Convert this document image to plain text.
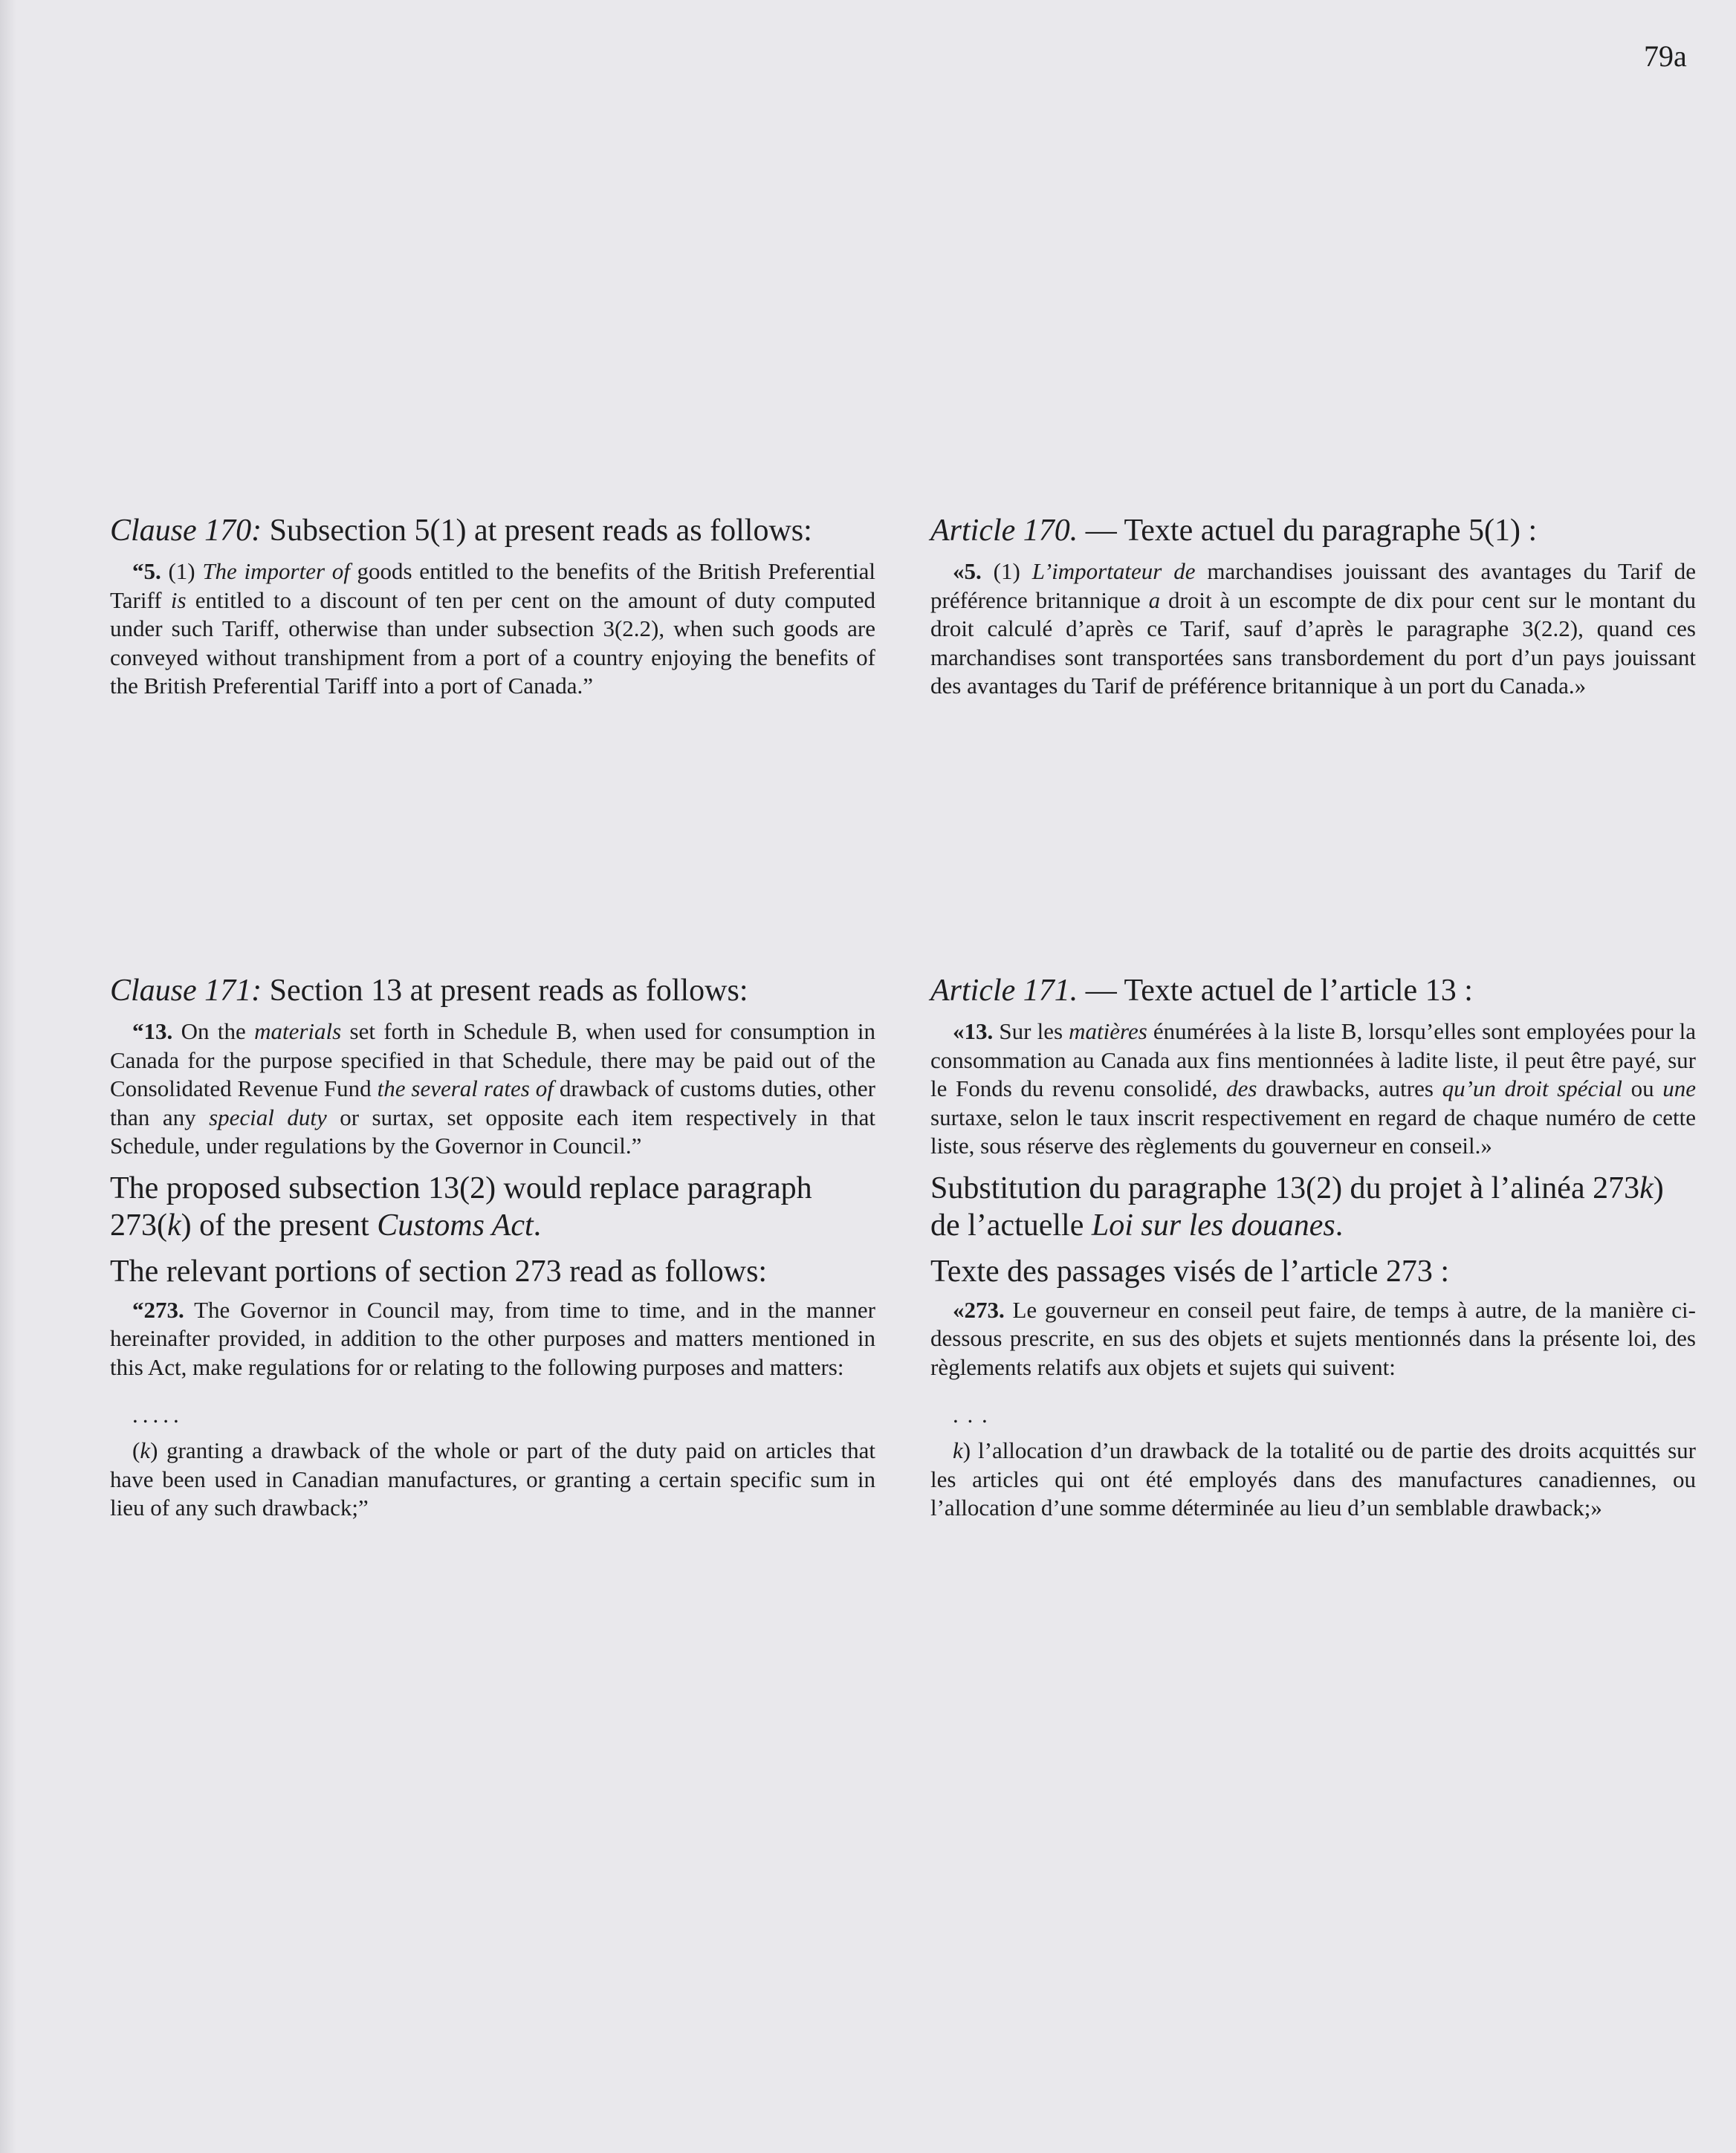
79a

Clause 170: Subsection 5(1) at present reads as follows:

“5. (1) The importer of goods entitled to the benefits of the British Preferential Tariff is entitled to a discount of ten per cent on the amount of duty computed under such Tariff, otherwise than under subsection 3(2.2), when such goods are conveyed without transhipment from a port of a country enjoying the benefits of the British Preferential Tariff into a port of Canada.”

Clause 171: Section 13 at present reads as follows:

“13. On the materials set forth in Schedule B, when used for consumption in Canada for the purpose specified in that Schedule, there may be paid out of the Consolidated Revenue Fund the several rates of drawback of customs duties, other than any special duty or surtax, set opposite each item respectively in that Schedule, under regulations by the Governor in Council.”

The proposed subsection 13(2) would replace paragraph 273(k) of the present Customs Act.

The relevant portions of section 273 read as follows:

“273. The Governor in Council may, from time to time, and in the manner hereinafter provided, in addition to the other purposes and matters mentioned in this Act, make regulations for or relating to the following purposes and matters:

.....

(k) granting a drawback of the whole or part of the duty paid on articles that have been used in Canadian manufactures, or granting a certain specific sum in lieu of any such drawback;”

Article 170. — Texte actuel du paragraphe 5(1) :

«5. (1) L’importateur de marchandises jouissant des avantages du Tarif de préférence britannique a droit à un escompte de dix pour cent sur le montant du droit calculé d’après ce Tarif, sauf d’après le paragraphe 3(2.2), quand ces marchandises sont transportées sans transbordement du port d’un pays jouissant des avantages du Tarif de préférence britannique à un port du Canada.»

Article 171. — Texte actuel de l’article 13 :

«13. Sur les matières énumérées à la liste B, lorsqu’elles sont employées pour la consommation au Canada aux fins mentionnées à ladite liste, il peut être payé, sur le Fonds du revenu consolidé, des drawbacks, autres qu’un droit spécial ou une surtaxe, selon le taux inscrit respectivement en regard de chaque numéro de cette liste, sous réserve des règlements du gouverneur en conseil.»

Substitution du paragraphe 13(2) du projet à l’alinéa 273k) de l’actuelle Loi sur les douanes.

Texte des passages visés de l’article 273 :

«273. Le gouverneur en conseil peut faire, de temps à autre, de la manière ci-dessous prescrite, en sus des objets et sujets mentionnés dans la présente loi, des règlements relatifs aux objets et sujets qui suivent:

. . .

k) l’allocation d’un drawback de la totalité ou de partie des droits acquittés sur les articles qui ont été employés dans des manufactures canadiennes, ou l’allocation d’une somme déterminée au lieu d’un semblable drawback;»
